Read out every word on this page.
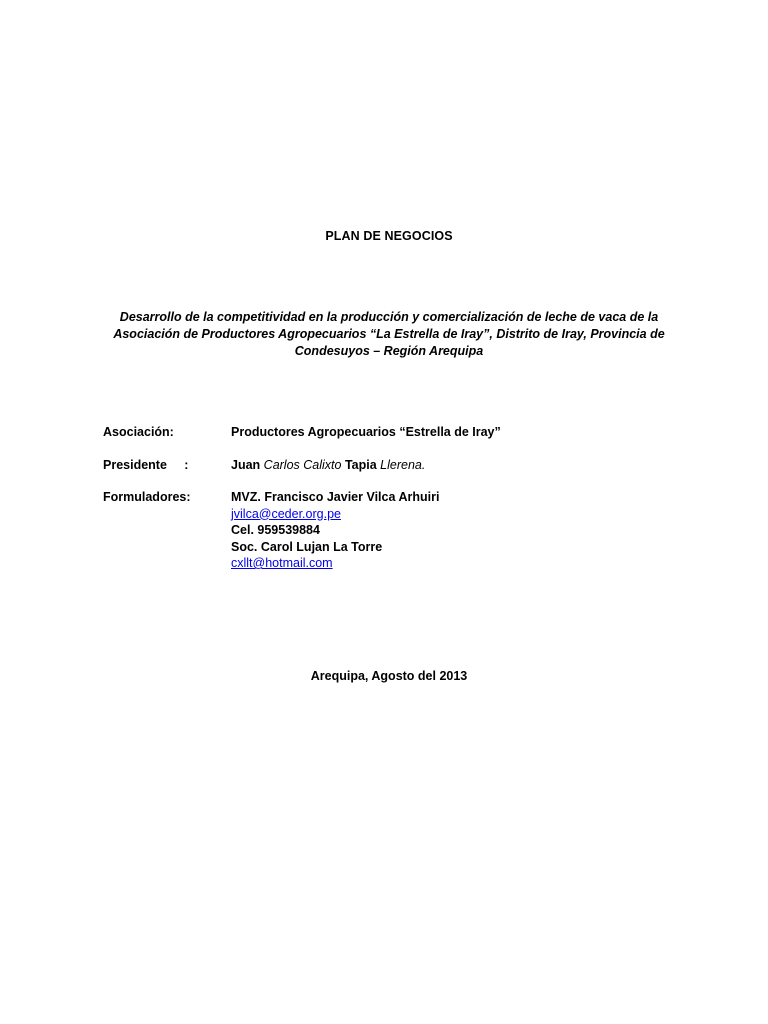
PLAN DE NEGOCIOS
Desarrollo de la competitividad en la producción y comercialización de leche de vaca de la
Asociación de Productores Agropecuarios “La Estrella de Iray”, Distrito de Iray, Provincia de
Condesuyos – Región Arequipa
Asociación:	Productores Agropecuarios “Estrella de Iray”
Presidente     :	Juan Carlos Calixto Tapia Llerena.
Formuladores:	MVZ. Francisco Javier Vilca Arhuiri
jvilca@ceder.org.pe
Cel. 959539884
Soc. Carol Lujan La Torre
cxllt@hotmail.com
Arequipa, Agosto del 2013
